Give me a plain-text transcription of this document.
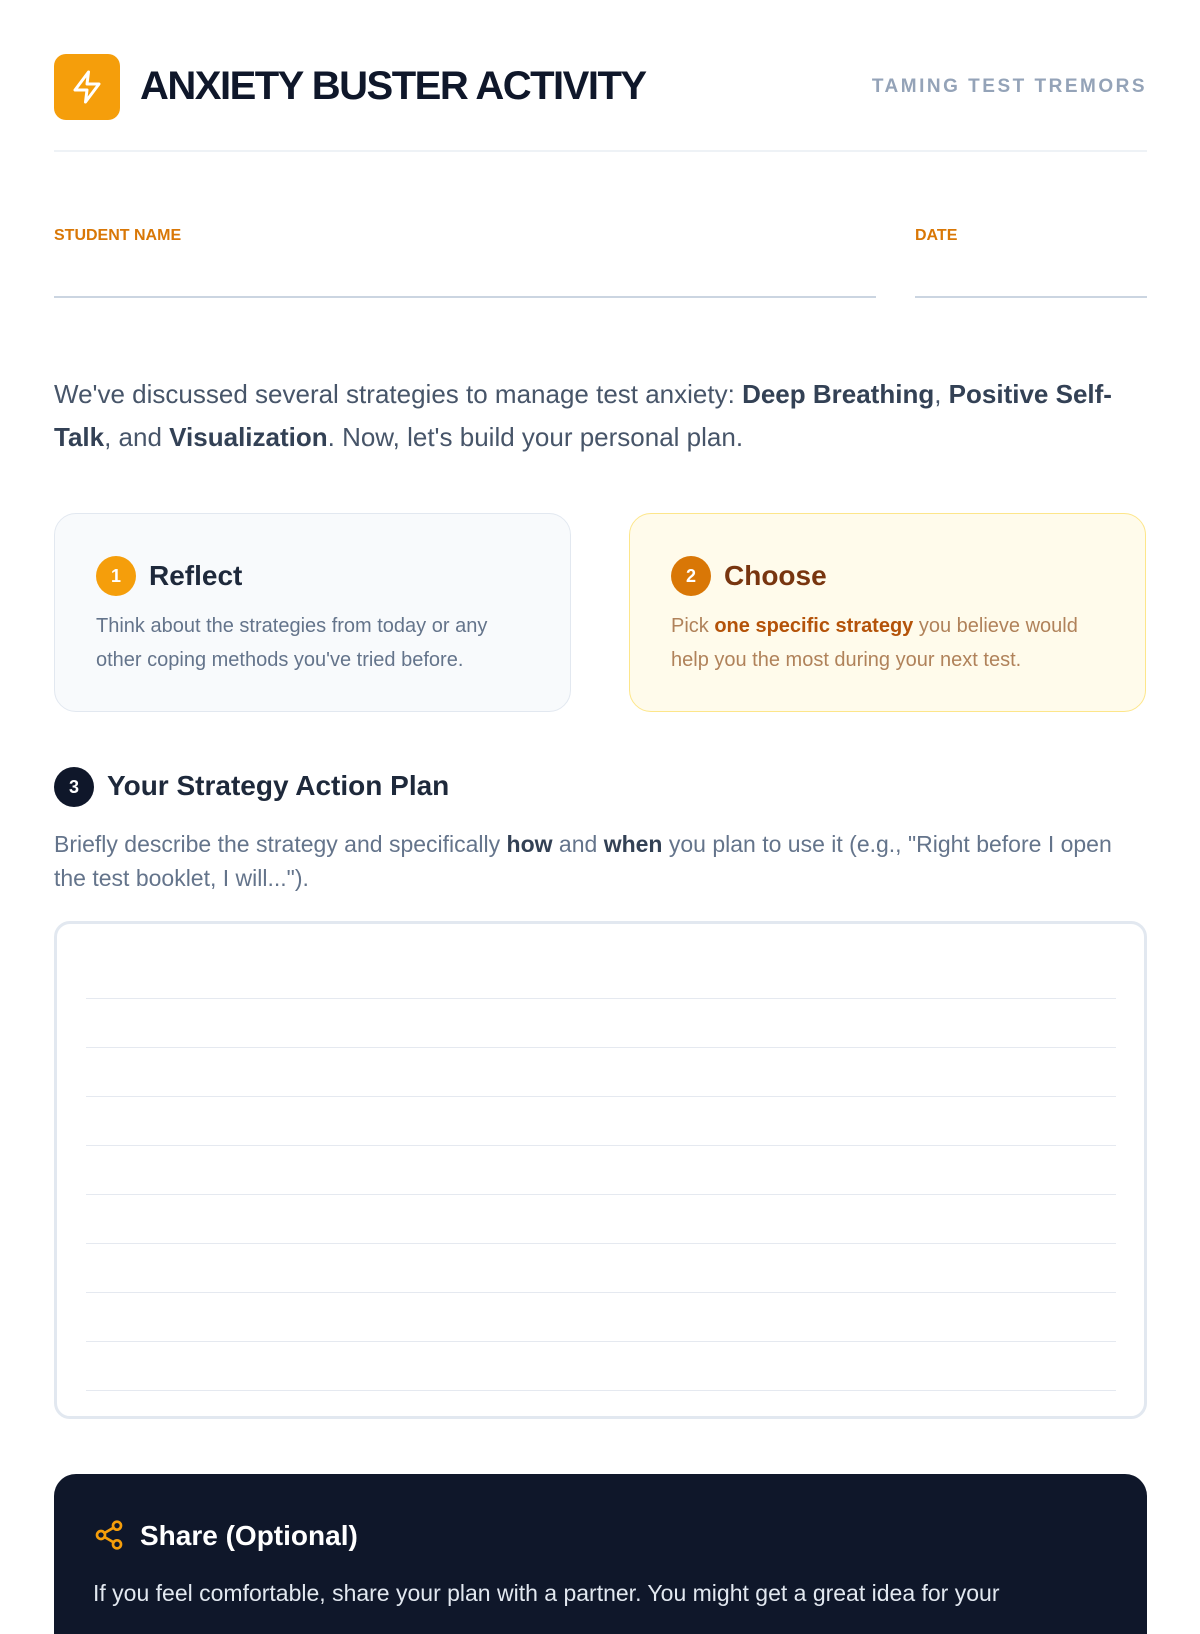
ANXIETY BUSTER ACTIVITY	TAMING TEST TREMORS
STUDENT NAME	DATE
We've discussed several strategies to manage test anxiety: Deep Breathing, Positive Self-Talk, and Visualization. Now, let's build your personal plan.
1	Reflect
Think about the strategies from today or any other coping methods you've tried before.
2	Choose
Pick one specific strategy you believe would help you the most during your next test.
3	Your Strategy Action Plan
Briefly describe the strategy and specifically how and when you plan to use it (e.g., "Right before I open the test booklet, I will...").
Share (Optional)
If you feel comfortable, share your plan with a partner. You might get a great idea for your
